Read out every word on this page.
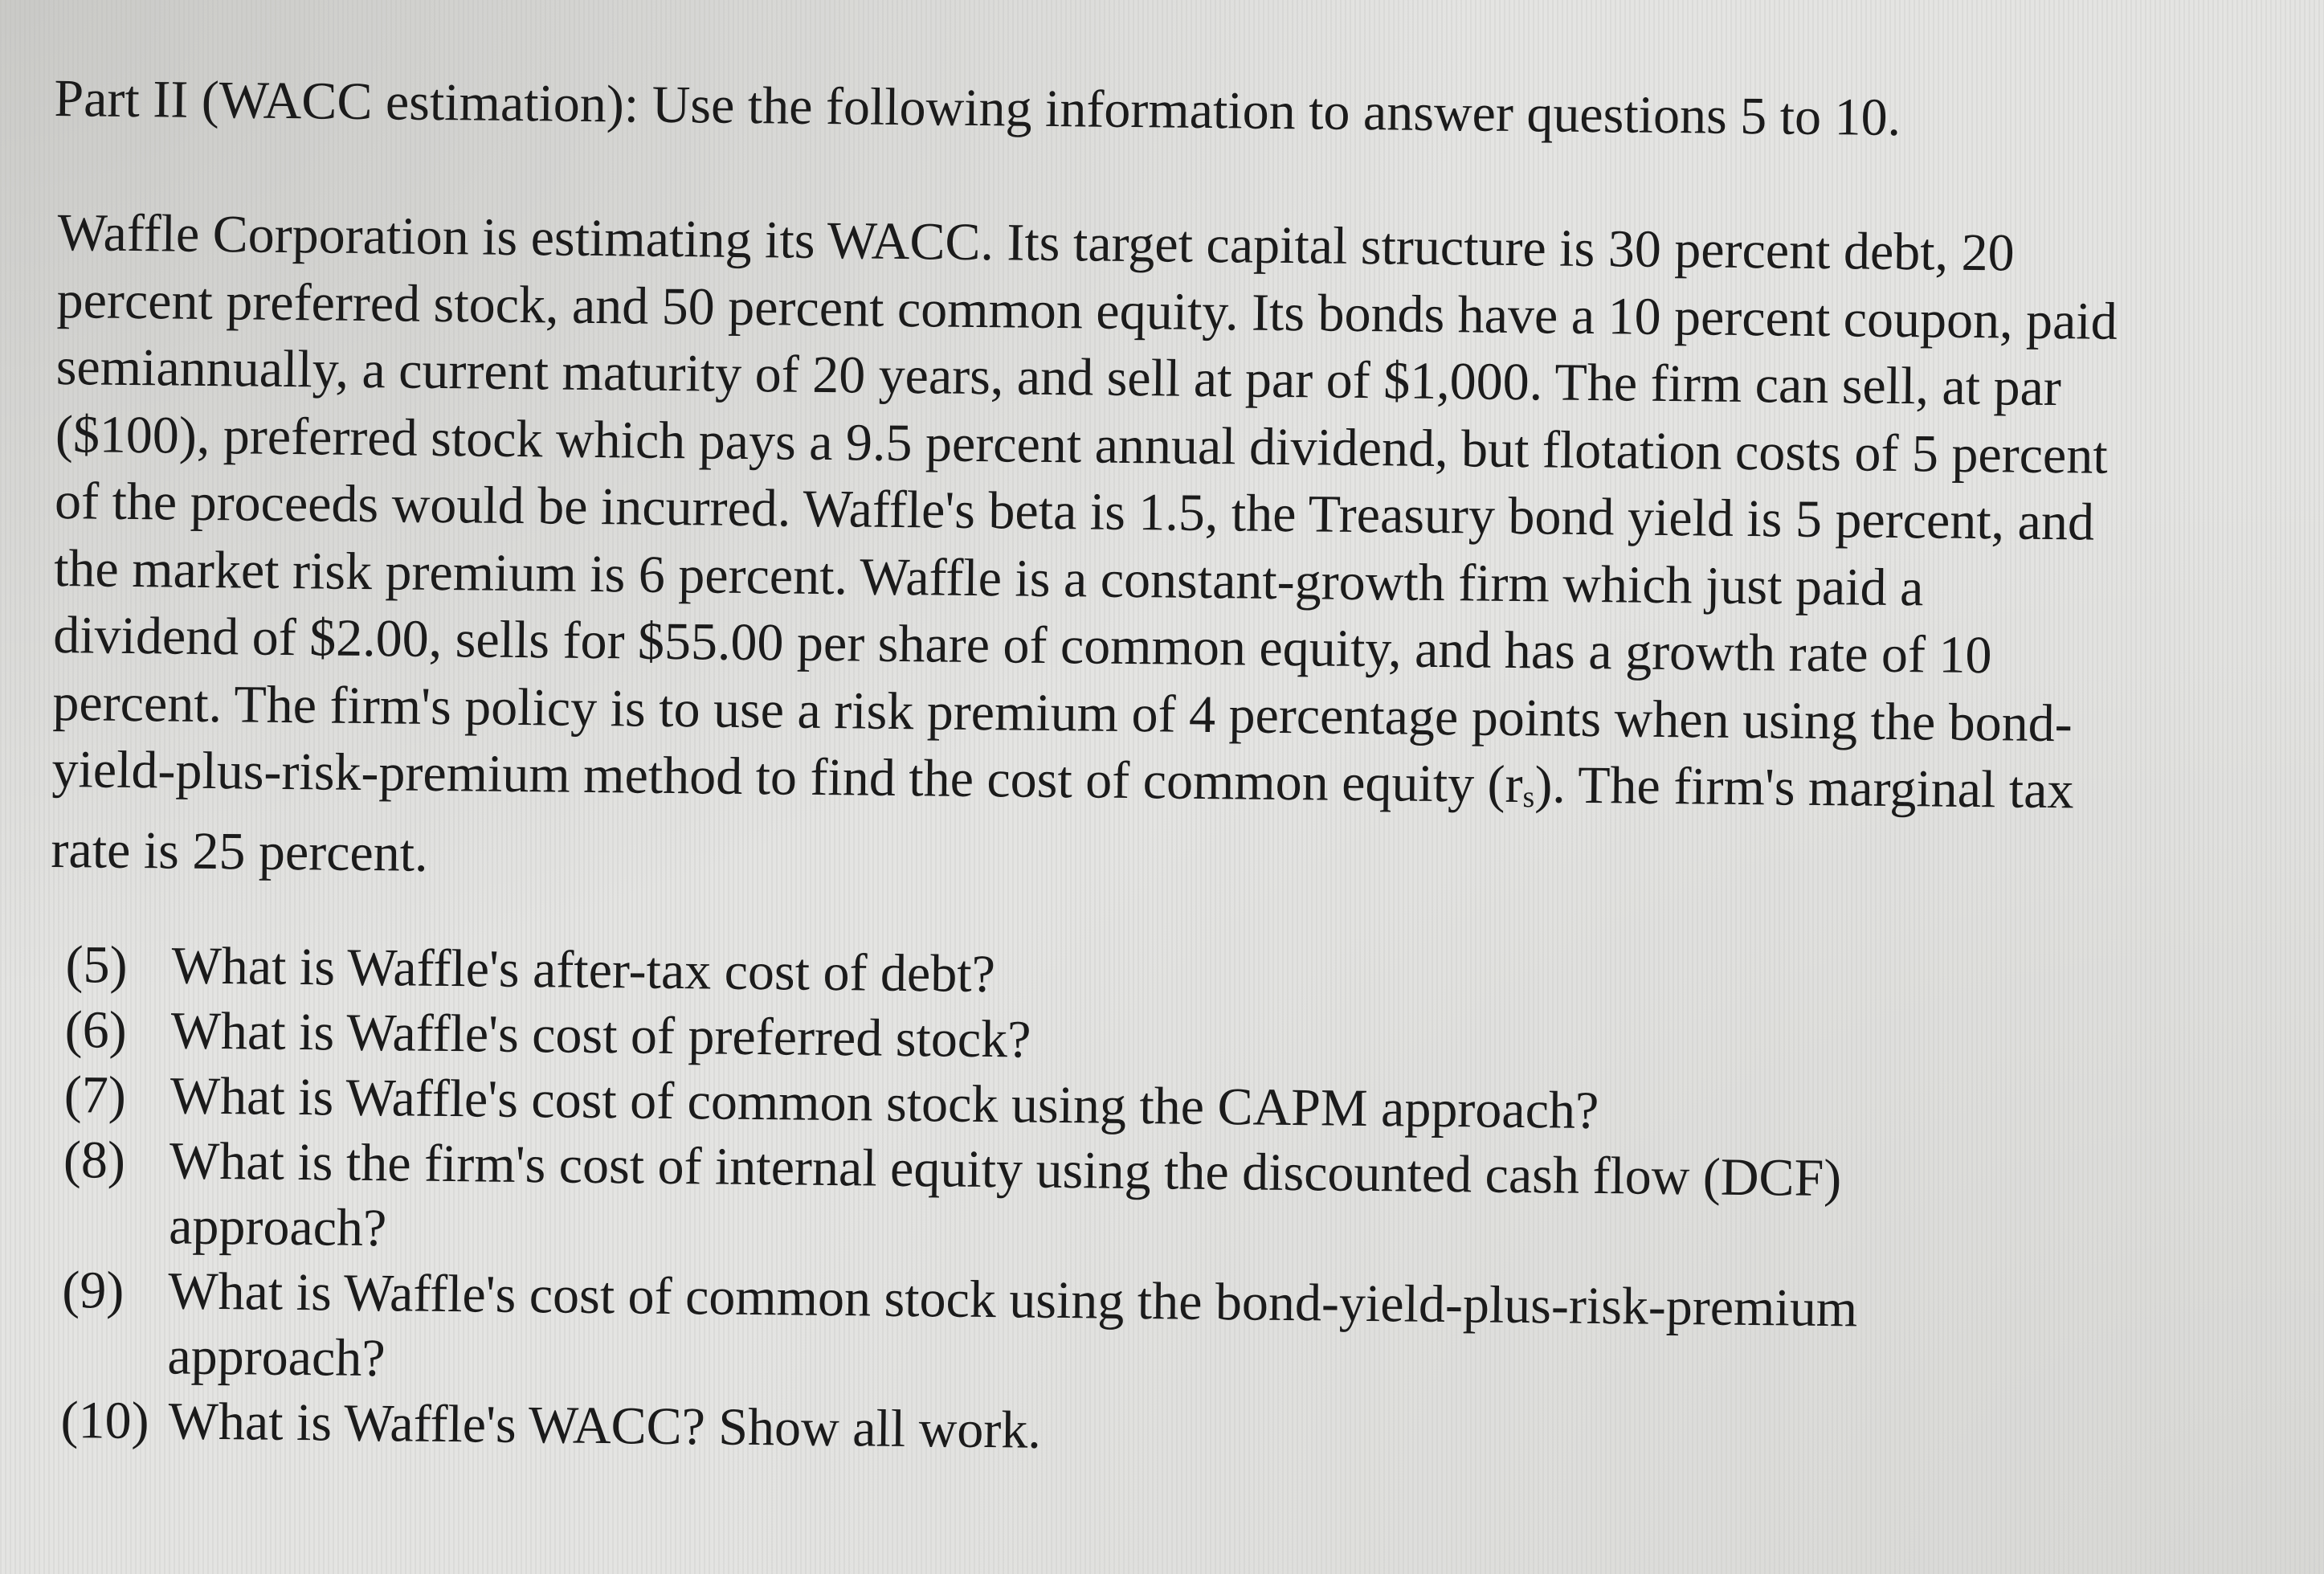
Part II (WACC estimation): Use the following information to answer questions 5 to 10.
Waffle Corporation is estimating its WACC. Its target capital structure is 30 percent debt, 20
percent preferred stock, and 50 percent common equity. Its bonds have a 10 percent coupon, paid
semiannually, a current maturity of 20 years, and sell at par of $1,000. The firm can sell, at par
($100), preferred stock which pays a 9.5 percent annual dividend, but flotation costs of 5 percent
of the proceeds would be incurred. Waffle's beta is 1.5, the Treasury bond yield is 5 percent, and
the market risk premium is 6 percent. Waffle is a constant-growth firm which just paid a
dividend of $2.00, sells for $55.00 per share of common equity, and has a growth rate of 10
percent. The firm's policy is to use a risk premium of 4 percentage points when using the bond-
yield-plus-risk-premium method to find the cost of common equity (rs). The firm's marginal tax
rate is 25 percent.
(5) What is Waffle's after-tax cost of debt?
(6) What is Waffle's cost of preferred stock?
(7) What is Waffle's cost of common stock using the CAPM approach?
(8) What is the firm's cost of internal equity using the discounted cash flow (DCF)
approach?
(9) What is Waffle's cost of common stock using the bond-yield-plus-risk-premium
approach?
(10) What is Waffle's WACC? Show all work.
